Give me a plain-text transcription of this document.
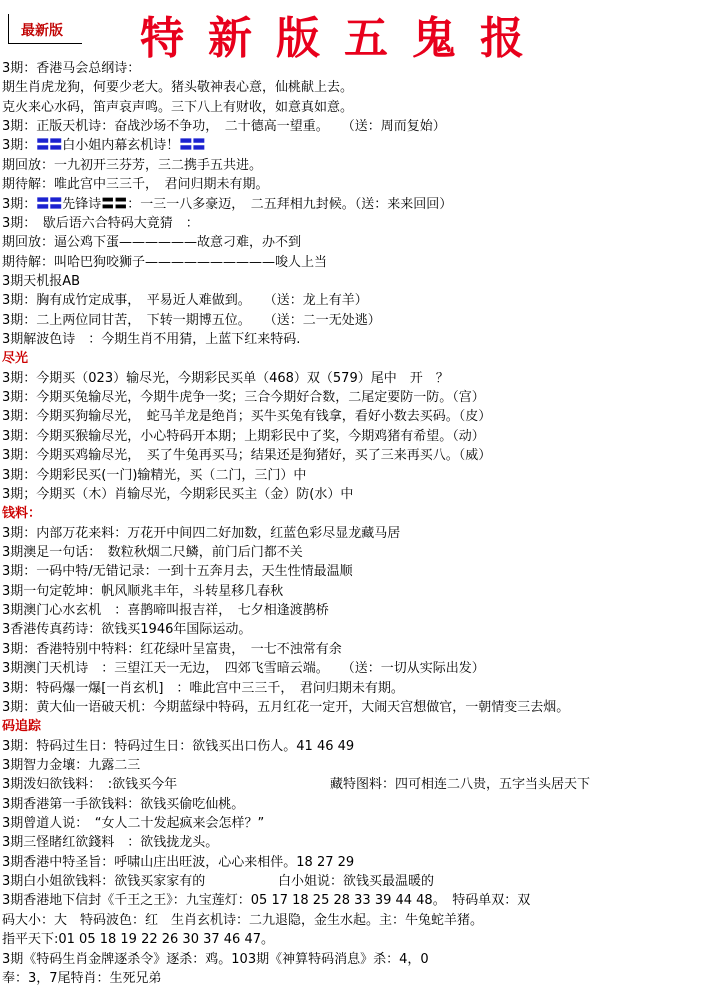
最新版	特新版五鬼报
3期：香港马会总纲诗：
期生肖虎龙狗，何要少老大。猪头敬神表心意，仙桃献上去。
克火来心水码，笛声哀声鸣。三下八上有财收，如意真如意。
3期：正版天机诗：奋战沙场不争功，　二十德高一望重。　　（送：周而复始）
3期：〓〓白小姐内幕玄机诗！〓〓
期回放：一九初开三芬芳，三二携手五共进。
期待解：唯此宫中三三千，　君问归期未有期。
3期：〓〓先锋诗〓〓：一三一八多豪迈，　二五拜相九封候。（送：来来回回）
3期：　歇后语六合特码大竟猜　：
期回放：逼公鸡下蛋——————故意刁难，办不到
期待解：叫哈巴狗咬狮子——————————唆人上当
3期天机报AB
3期：胸有成竹定成事，　平易近人难做到。　　（送：龙上有羊）
3期：二上两位同甘苦，　下转一期博五位。　　（送：二一无处逃）
3期解波色诗　：今期生肖不用猜，上蓝下红来特码.
尽光
3期：今期买（023）输尽光，今期彩民买单（468）双（579）尾中　开　？
3期：今期买兔输尽光，今期牛虎争一奖；三合今期好合数，二尾定要防一防。（宫）
3期：今期买狗输尽光，　蛇马羊龙是绝肖；买牛买兔有钱拿，看好小数去买码。（皮）
3期：今期买猴输尽光，小心特码开本期；上期彩民中了奖，今期鸡猪有希望。（动）
3期：今期买鸡输尽光，　买了牛兔再买马；结果还是狗猪好，买了三来再买八。（威）
3期：今期彩民买(一门)输精光，买（二门，三门）中
3期；今期买（木）肖输尽光，今期彩民买主（金）防(水）中
钱料：
3期：内部万花来料：万花开中间四二好加数，红蓝色彩尽显龙藏马居
3期澳足一句话：　数粒秋烟二尺鳞，前门后门都不关
3期：一码中特/无错记录：一到十五奔月去，天生性情最温顺
3期一句定乾坤：帆风顺兆丰年，斗转星移几春秋
3期澳门心水玄机　：喜鹊啼叫报吉祥，　七夕相逢渡鹊桥
3香港传真药诗：欲钱买1946年国际运动。
3期：香港特别中特料：红花绿叶呈富贵，　一七不浊常有余
3期澳门天机诗　：三望江天一无边，　四郊飞雪暗云端。　　（送：一切从实际出发）
3期：特码爆一爆[一肖玄机]　：唯此宫中三三千，　君问归期未有期。
3期：黄大仙一语破天机：今期蓝绿中特码，五月红花一定开，大闹天宫想做官，一朝情变三去烟。
码追踪
3期：特码过生日：特码过生日：欲钱买出口伤人。41 46 49
3期智力金壤：九露二三
3期泼妇欲钱料：　:欲钱买今年	藏特图料：四可相连二八贵，五字当头居天下
3期香港第一手欲钱料：欲钱买偷吃仙桃。
3期曾道人说：　“女人二十发起疯来会怎样？”
3期三怪睹红欲錢料　：欲钱拢龙头。
3期香港中特圣旨：呼啸山庄出旺波，心心来相伴。18 27 29
3期白小姐欲钱料：欲钱买家家有的	白小姐说：欲钱买最温暖的
3期香港地下信封《千王之王》：九宝莲灯：05 17 18 25 28 33 39 44 48。　特码单双：双
码大小：大　特码波色：红　生肖玄机诗：二九退隐，金生水起。主：牛兔蛇羊猪。
指平天下:01 05 18 19 22 26 30 37 46 47。
3期《特码生肖金牌逐杀令》逐杀：鸡。103期《神算特码消息》杀：4，0
奉：3，7尾特肖：生死兄弟
